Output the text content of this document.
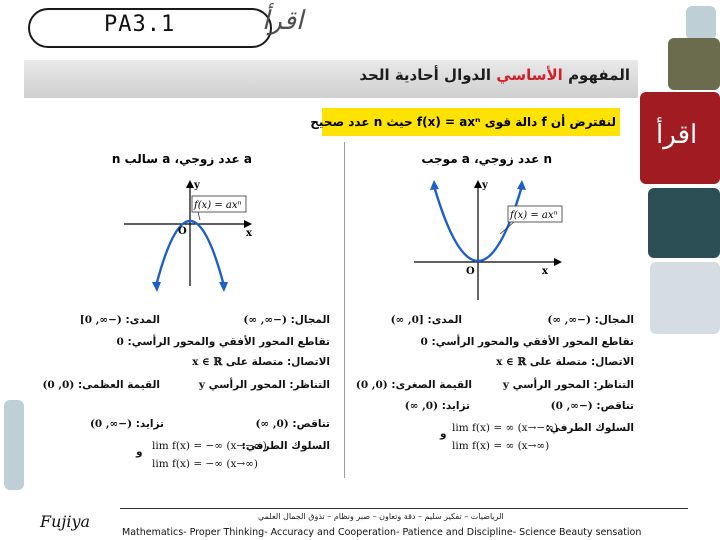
اقرأ
PA3.1	اقرأ
المفهوم الأساسي الدوال أحادية الحد
لنفترض أن f دالة قوى f(x) = axⁿ حيث n عدد صحيح
n عدد زوجي، a موجب
f(x) = axⁿ
y
x
O
المجال: (−∞, ∞)
المدى: [0, ∞)
تقاطع المحور الأفقي والمحور الرأسي: 0
الاتصال: متصلة على x ∈ ℝ
التناظر: المحور الرأسي y
القيمة الصغرى: (0, 0)
تناقص: (−∞, 0)
تزايد: (0, ∞)
السلوك الطرفي:
lim f(x) = ∞ (x→−∞)
و
lim f(x) = ∞ (x→∞)
a عدد زوجي، a سالب n
f(x) = axⁿ
y
x
O
المجال: (−∞, ∞)
المدى: (−∞, 0]
تقاطع المحور الأفقي والمحور الرأسي: 0
الاتصال: متصلة على x ∈ ℝ
التناظر: المحور الرأسي y
القيمة العظمى: (0, 0)
تناقص: (0, ∞)
تزايد: (−∞, 0)
السلوك الطرفي:
lim f(x) = −∞ (x→−∞)
و
lim f(x) = −∞ (x→∞)
الرياضيات – تفكير سليم – دقة وتعاون – صبر ونظام – تذوق الجمال العلمي
Mathematics- Proper Thinking- Accuracy and Cooperation- Patience and Discipline- Science Beauty sensation
Fujiya
